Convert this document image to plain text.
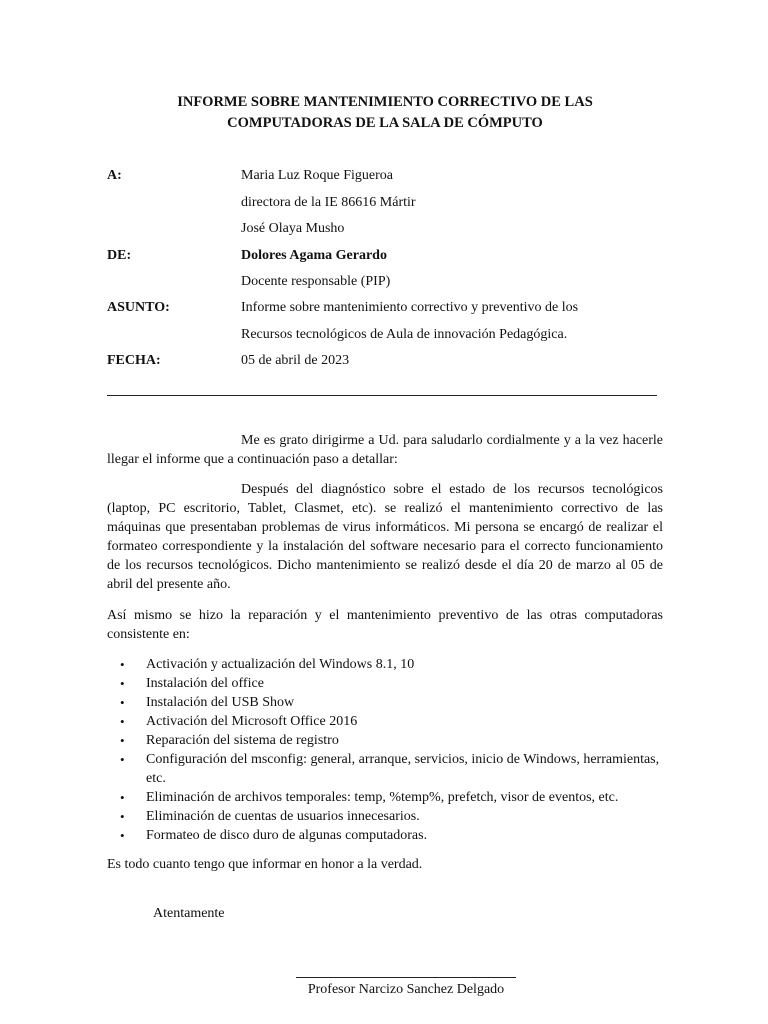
INFORME SOBRE MANTENIMIENTO CORRECTIVO DE LAS
COMPUTADORAS DE LA SALA DE CÓMPUTO
A:	Maria Luz Roque Figueroa
directora de la IE 86616 Mártir
José Olaya Musho
DE:	Dolores Agama Gerardo
Docente responsable (PIP)
ASUNTO:	Informe sobre mantenimiento correctivo y preventivo de los
Recursos tecnológicos de Aula de innovación Pedagógica.
FECHA:	05 de abril de 2023

Me es grato dirigirme a Ud. para saludarlo cordialmente y a la vez hacerle llegar el informe que a continuación paso a detallar:

Después del diagnóstico sobre el estado de los recursos tecnológicos (laptop, PC escritorio, Tablet, Clasmet, etc). se realizó el mantenimiento correctivo de las máquinas que presentaban problemas de virus informáticos. Mi persona se encargó de realizar el formateo correspondiente y la instalación del software necesario para el correcto funcionamiento de los recursos tecnológicos. Dicho mantenimiento se realizó desde el día 20 de marzo al 05 de abril del presente año.

Así mismo se hizo la reparación y el mantenimiento preventivo de las otras computadoras consistente en:

• Activación y actualización del Windows 8.1, 10
• Instalación del office
• Instalación del USB Show
• Activación del Microsoft Office 2016
• Reparación del sistema de registro
• Configuración del msconfig: general, arranque, servicios, inicio de Windows, herramientas, etc.
• Eliminación de archivos temporales: temp, %temp%, prefetch, visor de eventos, etc.
• Eliminación de cuentas de usuarios innecesarios.
• Formateo de disco duro de algunas computadoras.

Es todo cuanto tengo que informar en honor a la verdad.

Atentamente
Profesor Narcizo Sanchez Delgado
